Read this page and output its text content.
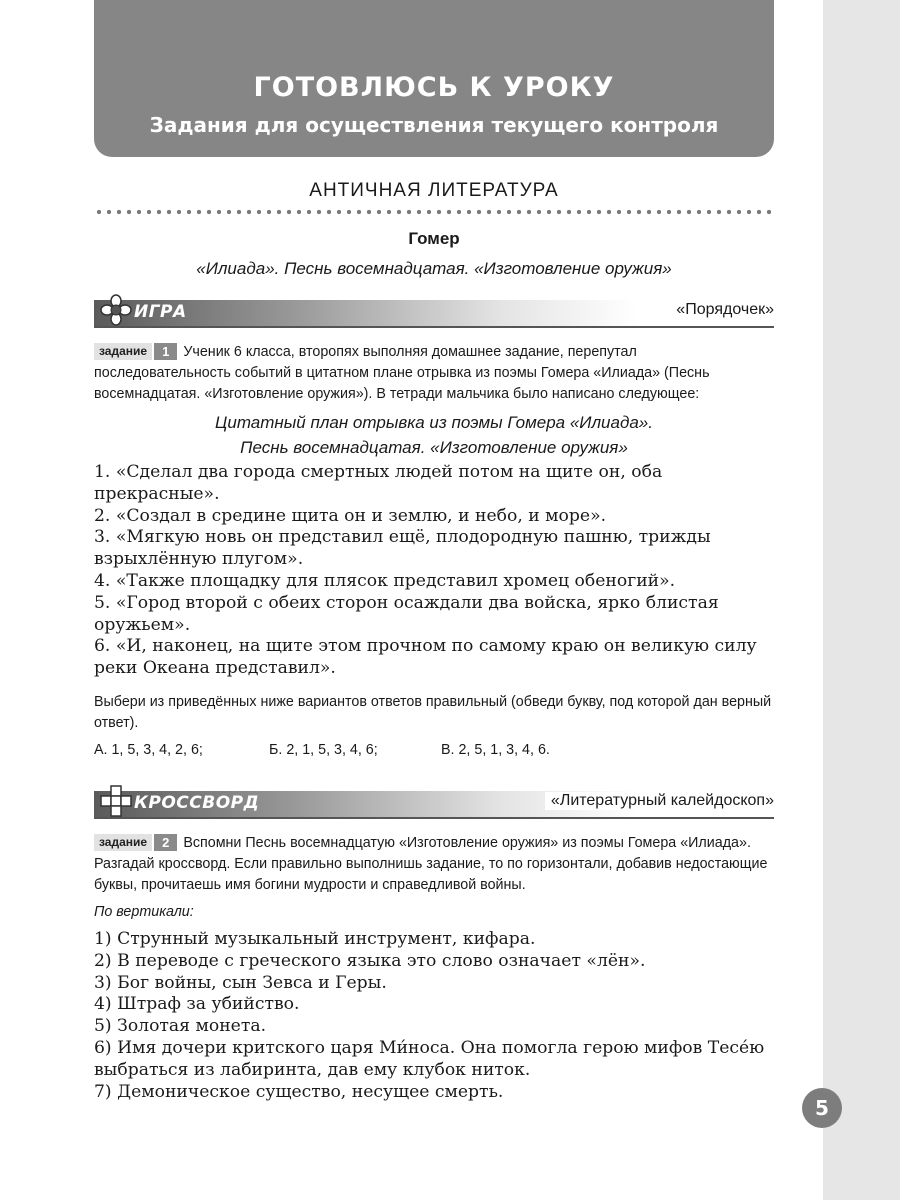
ГОТОВЛЮСЬ К УРОКУ
Задания для осуществления текущего контроля
АНТИЧНАЯ ЛИТЕРАТУРА
Гомер
«Илиада». Песнь восемнадцатая. «Изготовление оружия»
ИГРА	«Порядочек»
задание	1 Ученик 6 класса, второпях выполняя домашнее задание, перепутал последовательность событий в цитатном плане отрывка из поэмы Гомера «Илиада» (Песнь восемнадцатая. «Изготовление оружия»). В тетради мальчика было написано следующее:
Цитатный план отрывка из поэмы Гомера «Илиада».
Песнь восемнадцатая. «Изготовление оружия»

1. «Сделал два города смертных людей потом на щите он, оба прекрасные».

2. «Создал в средине щита он и землю, и небо, и море».

3. «Мягкую новь он представил ещё, плодородную пашню, трижды взрыхлённую плугом».

4. «Также площадку для плясок представил хромец обеногий».

5. «Город второй с обеих сторон осаждали два войска, ярко блистая оружьем».

6. «И, наконец, на щите этом прочном по самому краю он великую силу реки Океана представил».

Выбери из приведённых ниже вариантов ответов правильный (обведи букву, под которой дан верный ответ).
А. 1, 5, 3, 4, 2, 6;	Б. 2, 1, 5, 3, 4, 6;	В. 2, 5, 1, 3, 4, 6.
КРОССВОРД	«Литературный калейдоскоп»
задание	2 Вспомни Песнь восемнадцатую «Изготовление оружия» из поэмы Гомера «Илиада». Разгадай кроссворд. Если правильно выполнишь задание, то по горизонтали, добавив недостающие буквы, прочитаешь имя богини мудрости и справедливой войны.
По вертикали:

1) Струнный музыкальный инструмент, кифара.

2) В переводе с греческого языка это слово означает «лён».

3) Бог войны, сын Зевса и Геры.

4) Штраф за убийство.

5) Золотая монета.

6) Имя дочери критского царя Ми́носа. Она помогла герою мифов Тесе́ю выбраться из лабиринта, дав ему клубок ниток.

7) Демоническое существо, несущее смерть.

5
